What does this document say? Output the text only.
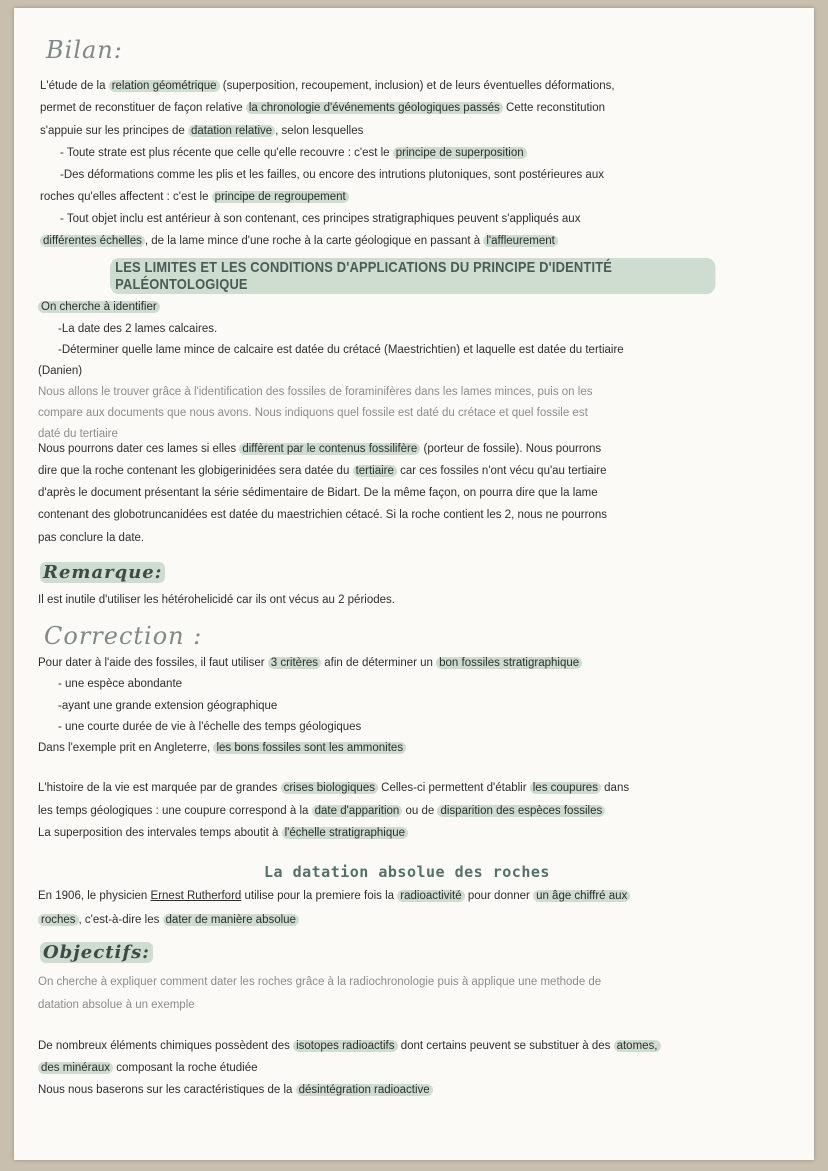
Bilan:
L'étude de la relation géométrique (superposition, recoupement, inclusion) et de leurs éventuelles déformations,
permet de reconstituer de façon relative la chronologie d'événements géologiques passés Cette reconstitution
s'appuie sur les principes de datation relative , selon lesquelles
- Toute strate est plus récente que celle qu'elle recouvre : c'est le principe de superposition
-Des déformations comme les plis et les failles, ou encore des intrutions plutoniques, sont postérieures aux
roches qu'elles affectent : c'est le principe de regroupement
- Tout objet inclu est antérieur à son contenant, ces principes stratigraphiques peuvent s'appliqués aux
différentes échelles , de la lame mince d'une roche à la carte géologique en passant à l'affleurement
LES LIMITES ET LES CONDITIONS D'APPLICATIONS DU PRINCIPE D'IDENTITÉ PALÉONTOLOGIQUE
On cherche à identifier
-La date des 2 lames calcaires.
-Déterminer quelle lame mince de calcaire est datée du crétacé (Maestrichtien) et laquelle est datée du tertiaire
(Danien)
Nous allons le trouver grâce à l'identification des fossiles de foraminifères dans les lames minces, puis on les
compare aux documents que nous avons. Nous indiquons quel fossile est daté du crétace et quel fossile est
daté du tertiaire
Nous pourrons dater ces lames si elles diffèrent par le contenus fossilifère (porteur de fossile). Nous pourrons
dire que la roche contenant les globigerinidées sera datée du tertiaire car ces fossiles n'ont vécu qu'au tertiaire
d'après le document présentant la série sédimentaire de Bidart. De la même façon, on pourra dire que la lame
contenant des globotruncanidées est datée du maestrichien cétacé. Si la roche contient les 2, nous ne pourrons
pas conclure la date.
Remarque:
Il est inutile d'utiliser les hétérohelicidé car ils ont vécus au 2 périodes.
Correction :
Pour dater à l'aide des fossiles, il faut utiliser 3 critères afin de déterminer un bon fossiles stratigraphique
- une espèce abondante
-ayant une grande extension géographique
- une courte durée de vie à l'échelle des temps géologiques
Dans l'exemple prit en Angleterre, les bons fossiles sont les ammonites
L'histoire de la vie est marquée par de grandes crises biologiques Celles-ci permettent d'établir les coupures dans
les temps géologiques : une coupure correspond à la date d'apparition ou de disparition des espèces fossiles
La superposition des intervales temps aboutit à l'échelle stratigraphique
La datation absolue des roches
En 1906, le physicien Ernest Rutherford utilise pour la premiere fois la radioactivité pour donner un âge chiffré aux
roches , c'est-à-dire les dater de manière absolue
Objectifs:
On cherche à expliquer comment dater les roches grâce à la radiochronologie puis à applique une methode de
datation absolue à un exemple
De nombreux éléments chimiques possèdent des isotopes radioactifs dont certains peuvent se substituer à des atomes,
des minéraux composant la roche étudiée
Nous nous baserons sur les caractéristiques de la désintégration radioactive
